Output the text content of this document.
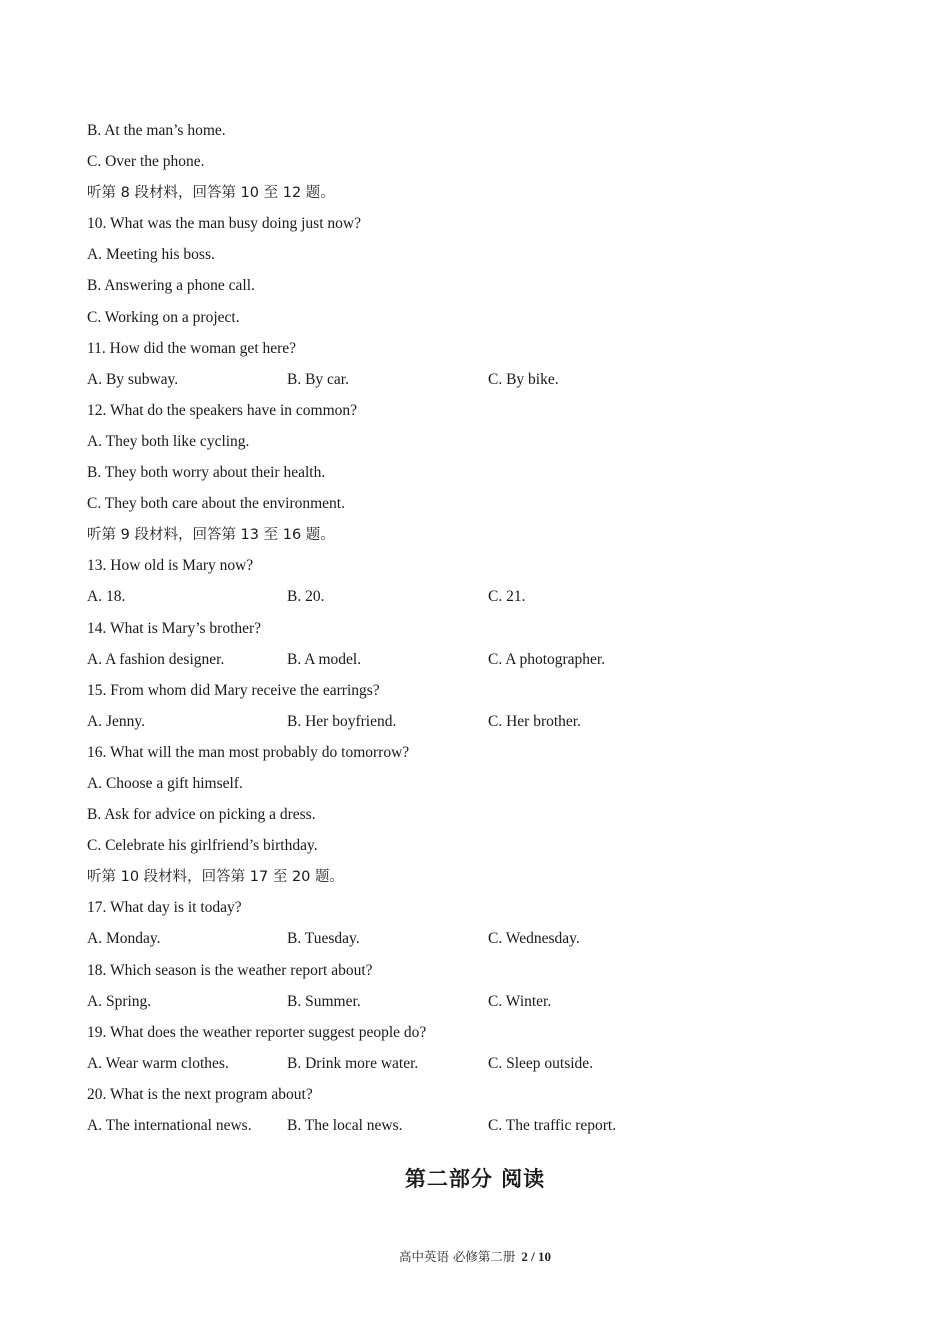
B. At the man’s home.
C. Over the phone.
听第 8 段材料，回答第 10 至 12 题。
10. What was the man busy doing just now?
A. Meeting his boss.
B. Answering a phone call.
C. Working on a project.
11. How did the woman get here?
A. By subway.	B. By car.	C. By bike.
12. What do the speakers have in common?
A. They both like cycling.
B. They both worry about their health.
C. They both care about the environment.
听第 9 段材料，回答第 13 至 16 题。
13. How old is Mary now?
A. 18.	B. 20.	C. 21.
14. What is Mary’s brother?
A. A fashion designer.	B. A model.	C. A photographer.
15. From whom did Mary receive the earrings?
A. Jenny.	B. Her boyfriend.	C. Her brother.
16. What will the man most probably do tomorrow?
A. Choose a gift himself.
B. Ask for advice on picking a dress.
C. Celebrate his girlfriend’s birthday.
听第 10 段材料，回答第 17 至 20 题。
17. What day is it today?
A. Monday.	B. Tuesday.	C. Wednesday.
18. Which season is the weather report about?
A. Spring.	B. Summer.	C. Winter.
19. What does the weather reporter suggest people do?
A. Wear warm clothes.	B. Drink more water.	C. Sleep outside.
20. What is the next program about?
A. The international news. B. The local news.	C. The traffic report.
第二部分 阅读
高中英语 必修第二册 2 / 10
